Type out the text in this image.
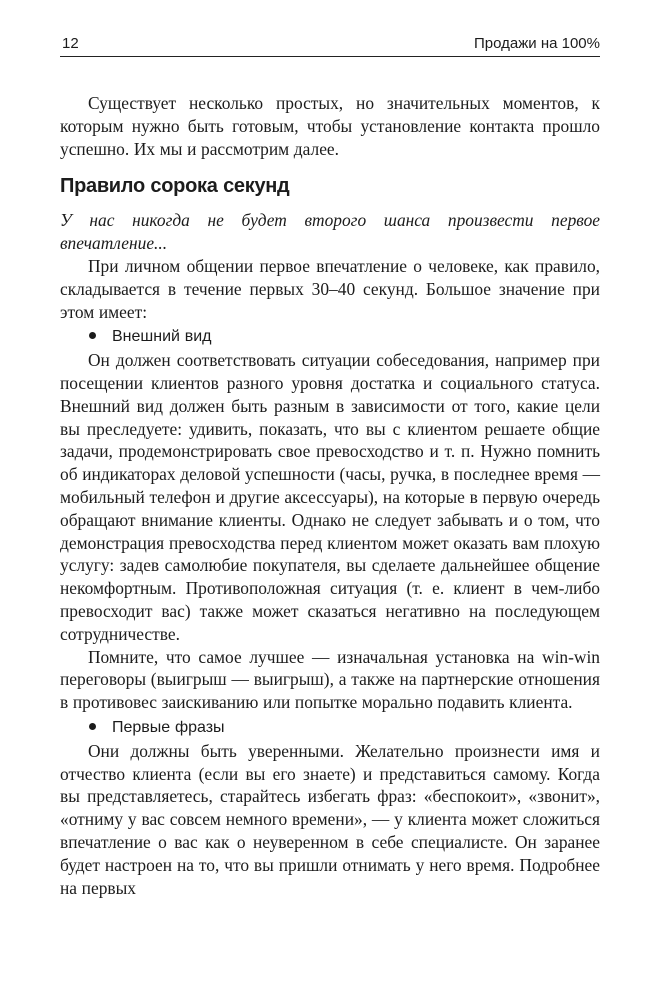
12	Продажи на 100%

Существует несколько простых, но значительных моментов, к которым нужно быть готовым, чтобы установление контакта прошло успешно. Их мы и рассмотрим далее.

Правило сорока секунд

У нас никогда не будет второго шанса произвести первое впечатление...

При личном общении первое впечатление о человеке, как правило, складывается в течение первых 30–40 секунд. Большое значение при этом имеет:

Внешний вид

Он должен соответствовать ситуации собеседования, например при посещении клиентов разного уровня достатка и социального статуса. Внешний вид должен быть разным в зависимости от того, какие цели вы преследуете: удивить, показать, что вы с клиентом решаете общие задачи, продемонстрировать свое превосходство и т. п. Нужно помнить об индикаторах деловой успешности (часы, ручка, в последнее время — мобильный телефон и другие аксессуары), на которые в первую очередь обращают внимание клиенты. Однако не следует забывать и о том, что демонстрация превосходства перед клиентом может оказать вам плохую услугу: задев самолюбие покупателя, вы сделаете дальнейшее общение некомфортным. Противоположная ситуация (т. е. клиент в чем-либо превосходит вас) также может сказаться негативно на последующем сотрудничестве.

Помните, что самое лучшее — изначальная установка на win-win переговоры (выигрыш — выигрыш), а также на партнерские отношения в противовес заискиванию или попытке морально подавить клиента.

Первые фразы

Они должны быть уверенными. Желательно произнести имя и отчество клиента (если вы его знаете) и представиться самому. Когда вы представляетесь, старайтесь избегать фраз: «беспокоит», «звонит», «отниму у вас совсем немного времени», — у клиента может сложиться впечатление о вас как о неуверенном в себе специалисте. Он заранее будет настроен на то, что вы пришли отнимать у него время. Подробнее на первых
